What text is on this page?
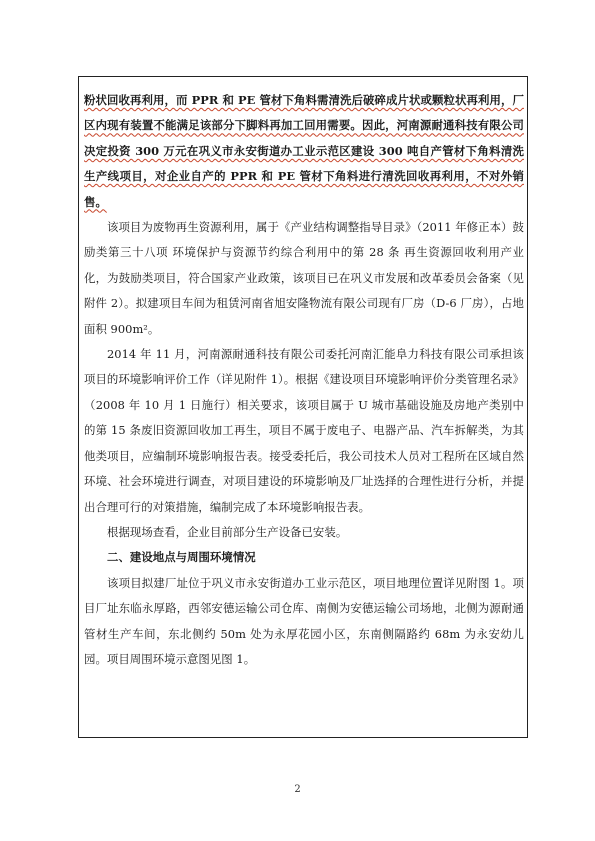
粉状回收再利用，而 PPR 和 PE 管材下角料需清洗后破碎成片状或颗粒状再利用，厂区内现有装置不能满足该部分下脚料再加工回用需要。因此，河南源耐通科技有限公司决定投资 300 万元在巩义市永安街道办工业示范区建设 300 吨自产管材下角料清洗生产线项目，对企业自产的 PPR 和 PE 管材下角料进行清洗回收再利用，不对外销售。

该项目为废物再生资源利用，属于《产业结构调整指导目录》（2011 年修正本）鼓励类第三十八项 环境保护与资源节约综合利用中的第 28 条 再生资源回收利用产业化，为鼓励类项目，符合国家产业政策，该项目已在巩义市发展和改革委员会备案（见附件 2）。拟建项目车间为租赁河南省旭安隆物流有限公司现有厂房（D-6 厂房），占地面积 900m²。

2014 年 11 月，河南源耐通科技有限公司委托河南汇能阜力科技有限公司承担该项目的环境影响评价工作（详见附件 1）。根据《建设项目环境影响评价分类管理名录》（2008 年 10 月 1 日施行）相关要求，该项目属于 U 城市基础设施及房地产类别中的第 15 条废旧资源回收加工再生，项目不属于废电子、电器产品、汽车拆解类，为其他类项目，应编制环境影响报告表。接受委托后，我公司技术人员对工程所在区域自然环境、社会环境进行调查，对项目建设的环境影响及厂址选择的合理性进行分析，并提出合理可行的对策措施，编制完成了本环境影响报告表。

根据现场查看，企业目前部分生产设备已安装。

二、建设地点与周围环境情况

该项目拟建厂址位于巩义市永安街道办工业示范区，项目地理位置详见附图 1。项目厂址东临永厚路，西邻安德运输公司仓库、南侧为安德运输公司场地，北侧为源耐通管材生产车间，东北侧约 50m 处为永厚花园小区，东南侧隔路约 68m 为永安幼儿园。项目周围环境示意图见图 1。

2
